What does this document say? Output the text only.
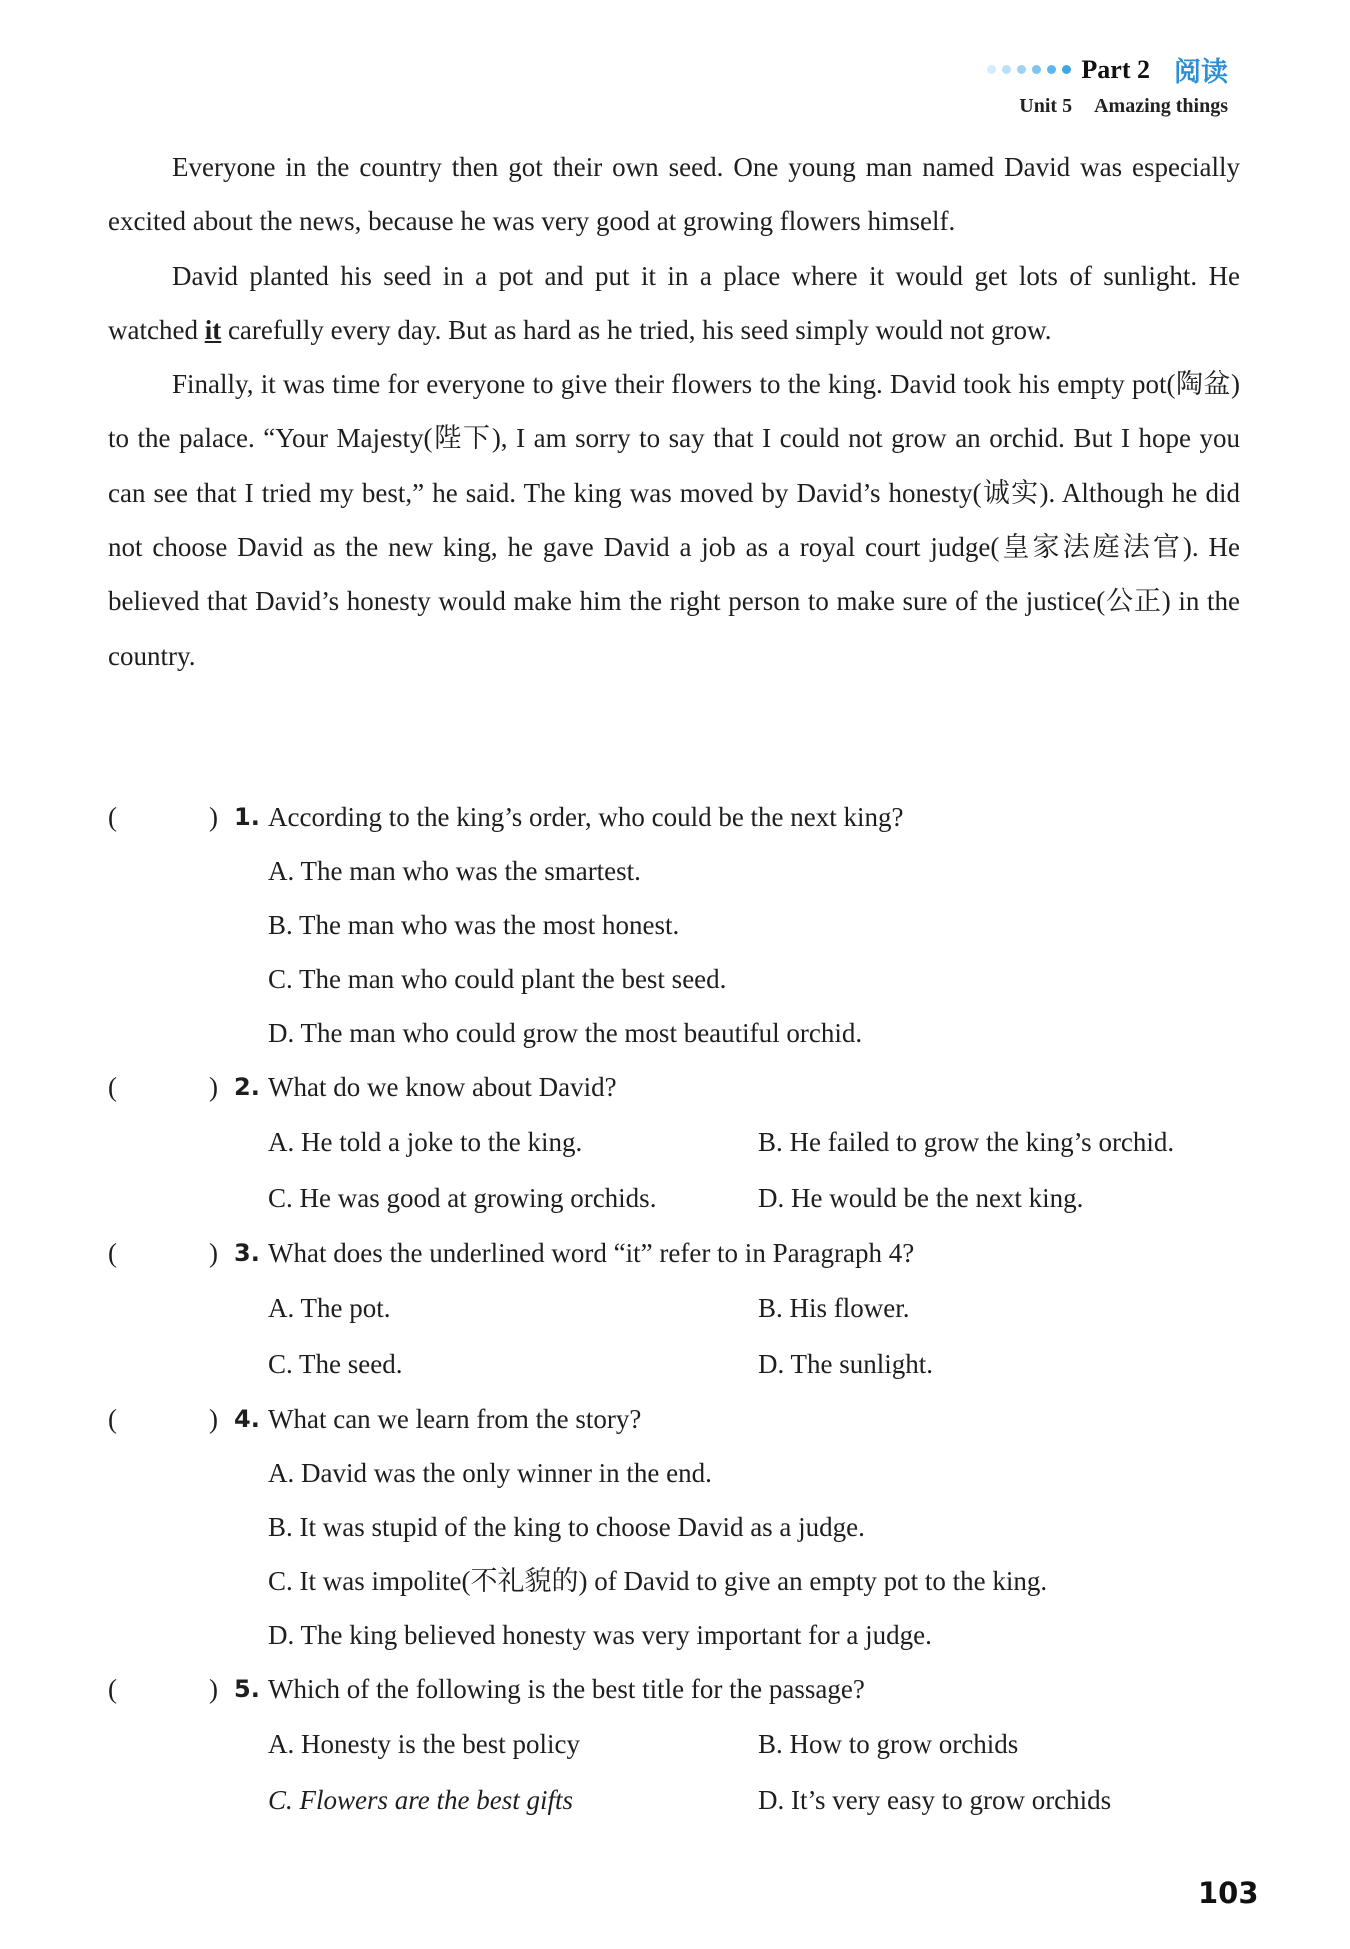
Part 2 阅读
Unit 5 Amazing things

Everyone in the country then got their own seed. One young man named David was especially excited about the news, because he was very good at growing flowers himself.

David planted his seed in a pot and put it in a place where it would get lots of sunlight. He watched it carefully every day. But as hard as he tried, his seed simply would not grow.

Finally, it was time for everyone to give their flowers to the king. David took his empty pot(陶盆) to the palace. “Your Majesty(陛下), I am sorry to say that I could not grow an orchid. But I hope you can see that I tried my best,” he said. The king was moved by David’s honesty(诚实). Although he did not choose David as the new king, he gave David a job as a royal court judge(皇家法庭法官). He believed that David’s honesty would make him the right person to make sure of the justice(公正) in the country.

(	) 1. According to the king’s order, who could be the next king?
A. The man who was the smartest.
B. The man who was the most honest.
C. The man who could plant the best seed.
D. The man who could grow the most beautiful orchid.
(	) 2. What do we know about David?
A. He told a joke to the king.	B. He failed to grow the king’s orchid.
C. He was good at growing orchids.	D. He would be the next king.
(	) 3. What does the underlined word “it” refer to in Paragraph 4?
A. The pot.	B. His flower.
C. The seed.	D. The sunlight.
(	) 4. What can we learn from the story?
A. David was the only winner in the end.
B. It was stupid of the king to choose David as a judge.
C. It was impolite(不礼貌的) of David to give an empty pot to the king.
D. The king believed honesty was very important for a judge.
(	) 5. Which of the following is the best title for the passage?
A. Honesty is the best policy	B. How to grow orchids
C. Flowers are the best gifts	D. It’s very easy to grow orchids
103
